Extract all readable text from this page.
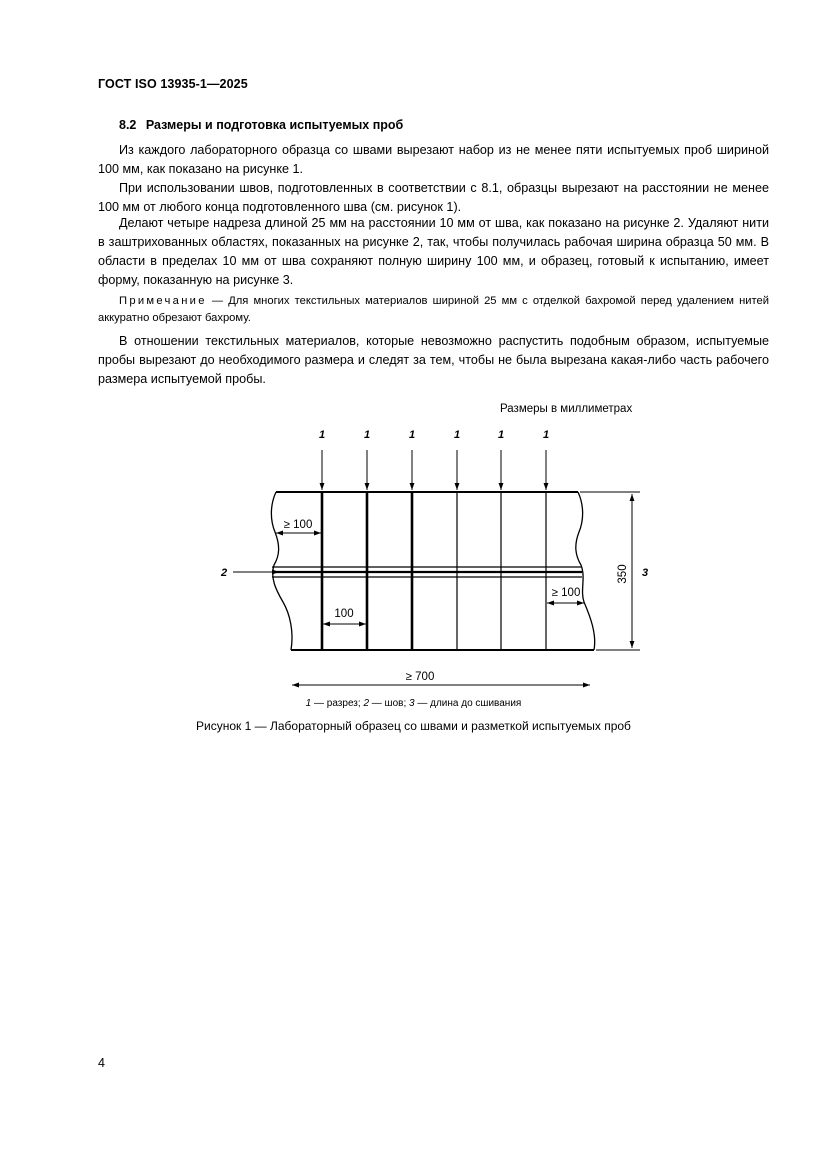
ГОСТ ISO 13935-1—2025
8.2 Размеры и подготовка испытуемых проб

Из каждого лабораторного образца со швами вырезают набор из не менее пяти испытуемых проб шириной 100 мм, как показано на рисунке 1.

При использовании швов, подготовленных в соответствии с 8.1, образцы вырезают на расстоянии не менее 100 мм от любого конца подготовленного шва (см. рисунок 1).

Делают четыре надреза длиной 25 мм на расстоянии 10 мм от шва, как показано на рисунке 2. Удаляют нити в заштрихованных областях, показанных на рисунке 2, так, чтобы получилась рабочая ширина образца 50 мм. В области в пределах 10 мм от шва сохраняют полную ширину 100 мм, и образец, готовый к испытанию, имеет форму, показанную на рисунке 3.

Примечание — Для многих текстильных материалов шириной 25 мм с отделкой бахромой перед удалением нитей аккуратно обрезают бахрому.

В отношении текстильных материалов, которые невозможно распустить подобным образом, испытуемые пробы вырезают до необходимого размера и следят за тем, чтобы не была вырезана какая-либо часть рабочего размера испытуемой пробы.

Размеры в миллиметрах
1	1	1	1	1	1
2
≥ 100
100
≥ 100
350 3
≥ 700
1 — разрез; 2 — шов; 3 — длина до сшивания
Рисунок 1 — Лабораторный образец со швами и разметкой испытуемых проб
4
